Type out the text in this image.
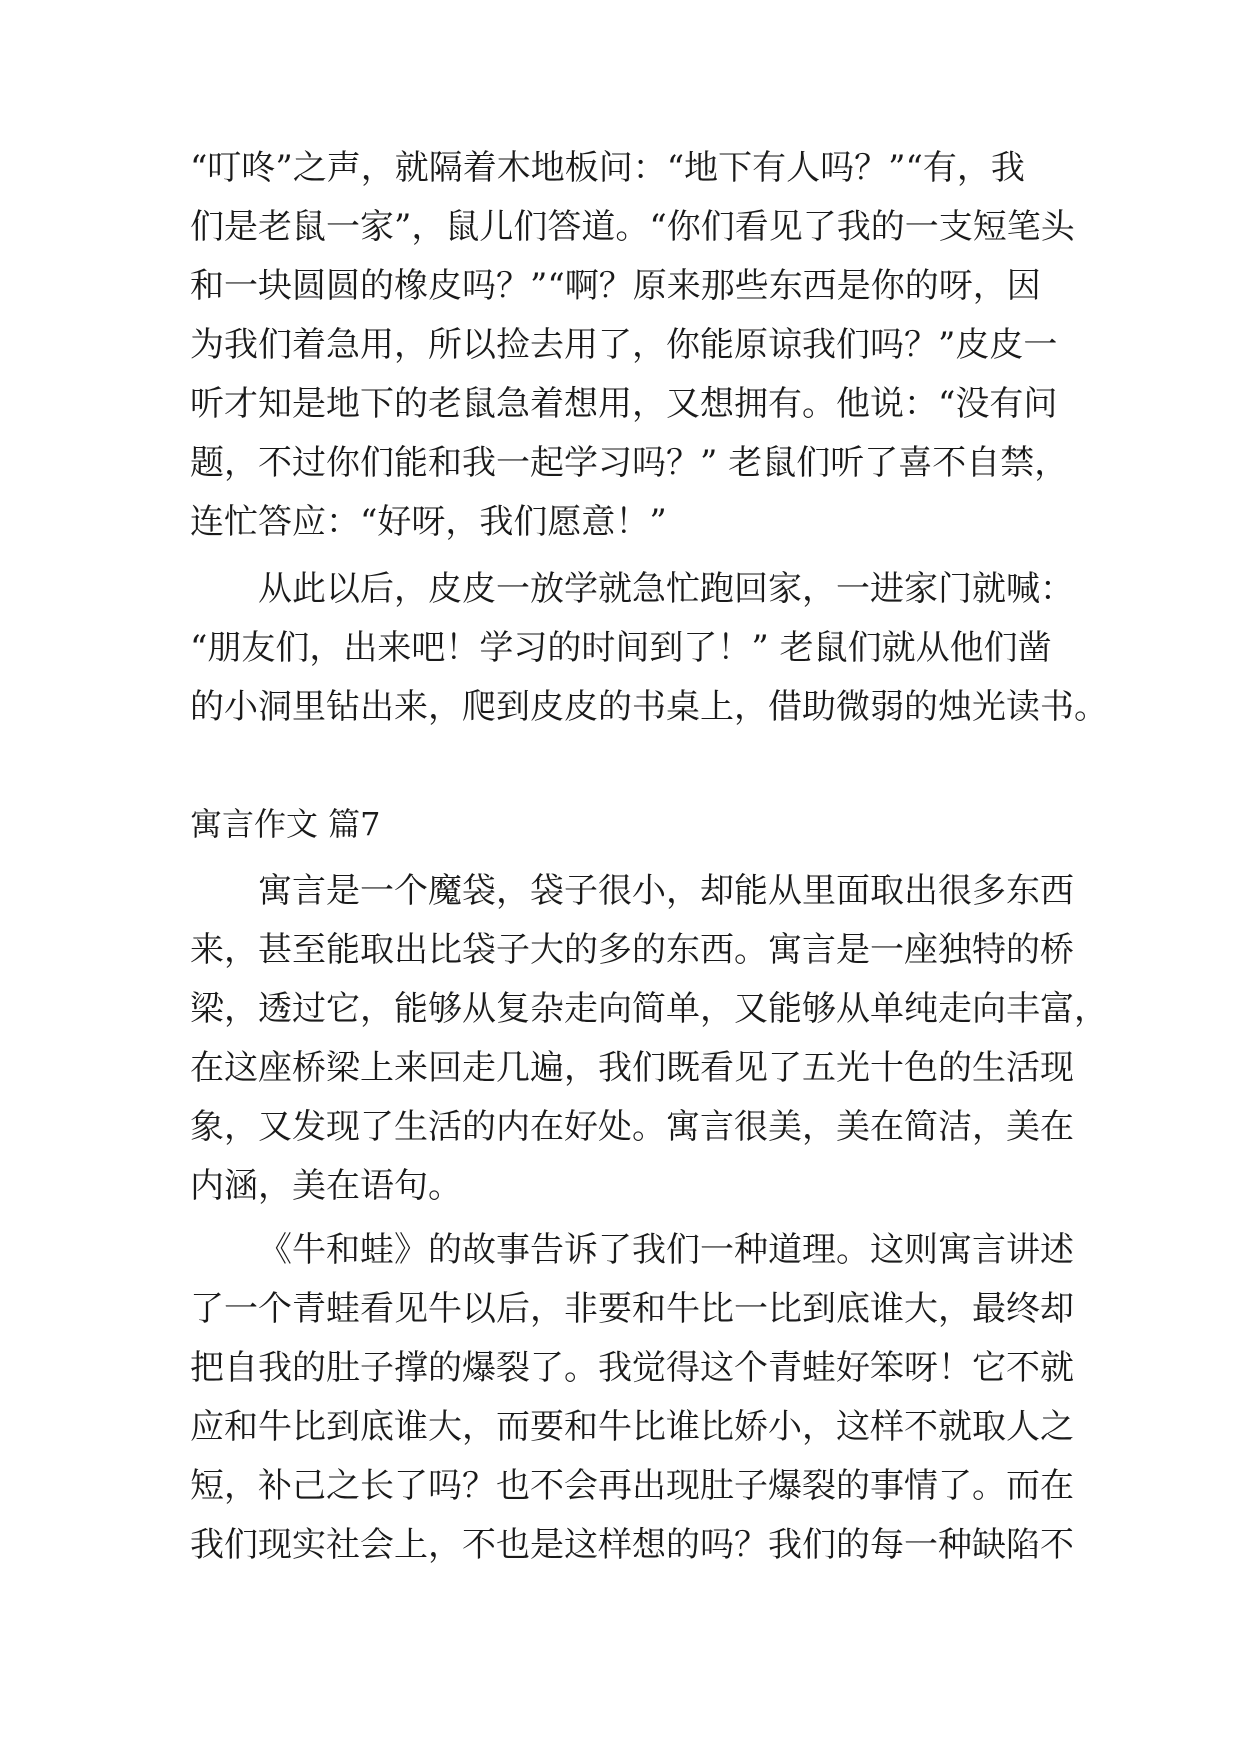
“叮咚”之声，就隔着木地板问：“地下有人吗？”“有，我
们是老鼠一家”，鼠儿们答道。“你们看见了我的一支短笔头
和一块圆圆的橡皮吗？”“啊？原来那些东西是你的呀，因
为我们着急用，所以捡去用了，你能原谅我们吗？”皮皮一
听才知是地下的老鼠急着想用，又想拥有。他说：“没有问
题，不过你们能和我一起学习吗？” 老鼠们听了喜不自禁，
连忙答应：“好呀，我们愿意！”
从此以后，皮皮一放学就急忙跑回家，一进家门就喊：
“朋友们，出来吧！学习的时间到了！” 老鼠们就从他们凿
的小洞里钻出来，爬到皮皮的书桌上，借助微弱的烛光读书。
寓言作文 篇7
寓言是一个魔袋，袋子很小，却能从里面取出很多东西
来，甚至能取出比袋子大的多的东西。寓言是一座独特的桥
梁，透过它，能够从复杂走向简单，又能够从单纯走向丰富，
在这座桥梁上来回走几遍，我们既看见了五光十色的生活现
象，又发现了生活的内在好处。寓言很美，美在简洁，美在
内涵，美在语句。
《牛和蛙》的故事告诉了我们一种道理。这则寓言讲述
了一个青蛙看见牛以后，非要和牛比一比到底谁大，最终却
把自我的肚子撑的爆裂了。我觉得这个青蛙好笨呀！它不就
应和牛比到底谁大，而要和牛比谁比娇小，这样不就取人之
短，补己之长了吗？也不会再出现肚子爆裂的事情了。而在
我们现实社会上，不也是这样想的吗？我们的每一种缺陷不
